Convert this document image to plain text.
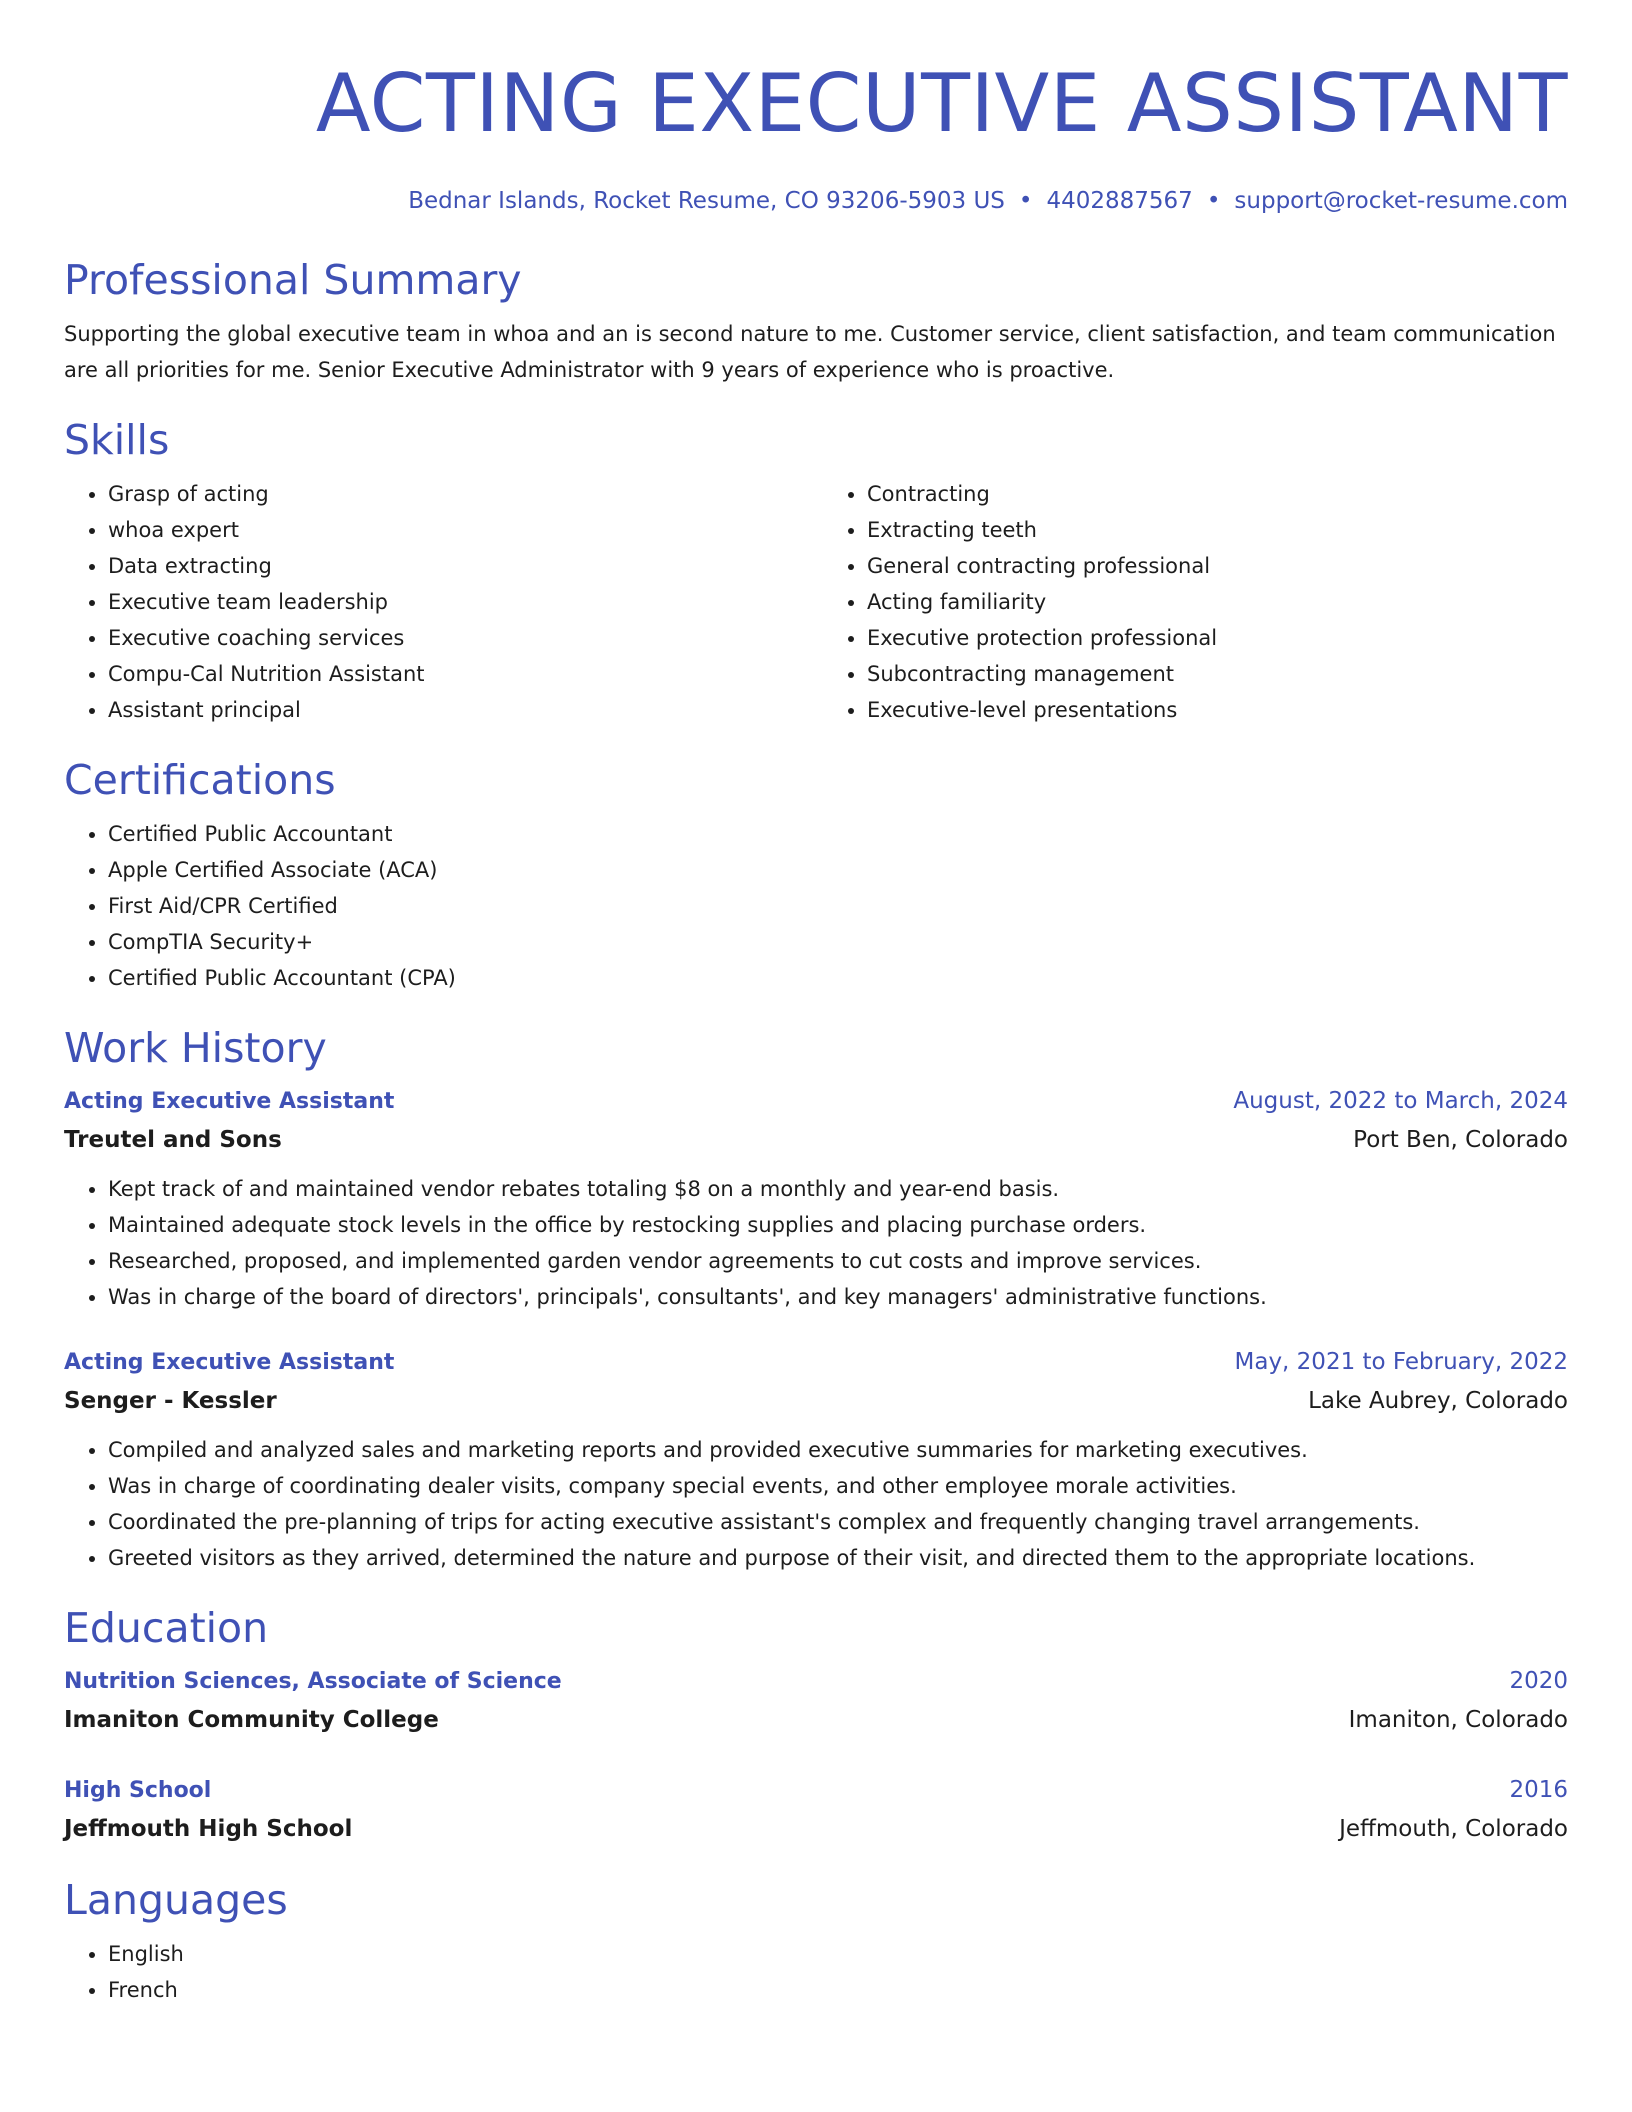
ACTING EXECUTIVE ASSISTANT
Bednar Islands, Rocket Resume, CO 93206-5903 US • 4402887567 • support@rocket-resume.com
Professional Summary

Supporting the global executive team in whoa and an is second nature to me. Customer service, client satisfaction, and team communication are all priorities for me. Senior Executive Administrator with 9 years of experience who is proactive.

Skills
• Grasp of acting
• whoa expert
• Data extracting
• Executive team leadership
• Executive coaching services
• Compu-Cal Nutrition Assistant
• Assistant principal
• Contracting
• Extracting teeth
• General contracting professional
• Acting familiarity
• Executive protection professional
• Subcontracting management
• Executive-level presentations
Certifications
• Certified Public Accountant
• Apple Certified Associate (ACA)
• First Aid/CPR Certified
• CompTIA Security+
• Certified Public Accountant (CPA)
Work History
Acting Executive Assistant	August, 2022 to March, 2024
Treutel and Sons	Port Ben, Colorado
• Kept track of and maintained vendor rebates totaling $8 on a monthly and year-end basis.
• Maintained adequate stock levels in the office by restocking supplies and placing purchase orders.
• Researched, proposed, and implemented garden vendor agreements to cut costs and improve services.
• Was in charge of the board of directors', principals', consultants', and key managers' administrative functions.
Acting Executive Assistant	May, 2021 to February, 2022
Senger - Kessler	Lake Aubrey, Colorado
• Compiled and analyzed sales and marketing reports and provided executive summaries for marketing executives.
• Was in charge of coordinating dealer visits, company special events, and other employee morale activities.
• Coordinated the pre-planning of trips for acting executive assistant's complex and frequently changing travel arrangements.
• Greeted visitors as they arrived, determined the nature and purpose of their visit, and directed them to the appropriate locations.
Education
Nutrition Sciences, Associate of Science	2020
Imaniton Community College	Imaniton, Colorado
High School	2016
Jeffmouth High School	Jeffmouth, Colorado
Languages
• English
• French
